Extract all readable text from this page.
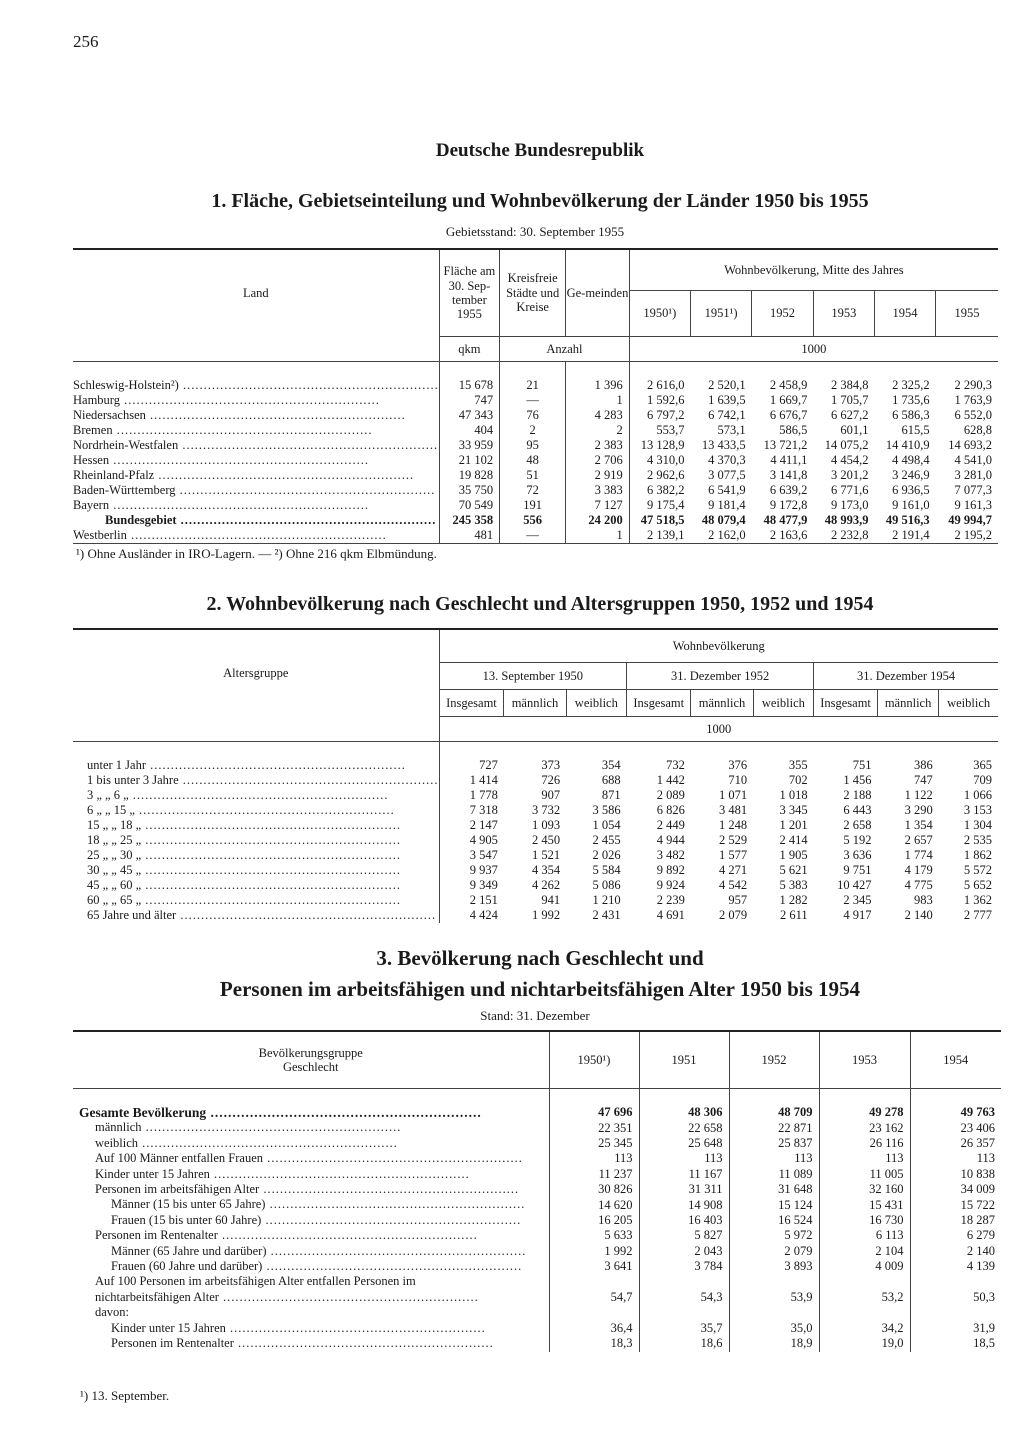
256
Deutsche Bundesrepublik
1. Fläche, Gebietseinteilung und Wohnbevölkerung der Länder 1950 bis 1955
Gebietsstand: 30. September 1955
Land	Fläche am 30. Sep-tember 1955	Kreisfreie Städte und Kreise	Ge-meinden	Wohnbevölkerung, Mitte des Jahres					
				1950¹)	1951¹)	1952	1953	1954	1955
	qkm	Anzahl		1000					

Schleswig-Holstein²) .....	15 678	21	1 396	2 616,0	2 520,1	2 458,9	2 384,8	2 325,2	2 290,3
Hamburg .....	747	—	1	1 592,6	1 639,5	1 669,7	1 705,7	1 735,6	1 763,9
Niedersachsen .....	47 343	76	4 283	6 797,2	6 742,1	6 676,7	6 627,2	6 586,3	6 552,0
Bremen .....	404	2	2	553,7	573,1	586,5	601,1	615,5	628,8
Nordrhein-Westfalen .....	33 959	95	2 383	13 128,9	13 433,5	13 721,2	14 075,2	14 410,9	14 693,2
Hessen .....	21 102	48	2 706	4 310,0	4 370,3	4 411,1	4 454,2	4 498,4	4 541,0
Rheinland-Pfalz .....	19 828	51	2 919	2 962,6	3 077,5	3 141,8	3 201,2	3 246,9	3 281,0
Baden-Württemberg .....	35 750	72	3 383	6 382,2	6 541,9	6 639,2	6 771,6	6 936,5	7 077,3
Bayern .....	70 549	191	7 127	9 175,4	9 181,4	9 172,8	9 173,0	9 161,0	9 161,3
Bundesgebiet .....	245 358	556	24 200	47 518,5	48 079,4	48 477,9	48 993,9	49 516,3	49 994,7
Westberlin .....	481	—	1	2 139,1	2 162,0	2 163,6	2 232,8	2 191,4	2 195,2

¹) Ohne Ausländer in IRO-Lagern. — ²) Ohne 216 qkm Elbmündung.
2. Wohnbevölkerung nach Geschlecht und Altersgruppen 1950, 1952 und 1954
Altersgruppe	Wohnbevölkerung								
	13. September 1950			31. Dezember 1952			31. Dezember 1954		
	Insgesamt	männlich	weiblich	Insgesamt	männlich	weiblich	Insgesamt	männlich	weiblich
	1000								

unter 1 Jahr .....	727	373	354	732	376	355	751	386	365
1 bis unter 3 Jahre .....	1 414	726	688	1 442	710	702	1 456	747	709
3 „ „ 6 „ .....	1 778	907	871	2 089	1 071	1 018	2 188	1 122	1 066
6 „ „ 15 „ .....	7 318	3 732	3 586	6 826	3 481	3 345	6 443	3 290	3 153
15 „ „ 18 „ .....	2 147	1 093	1 054	2 449	1 248	1 201	2 658	1 354	1 304
18 „ „ 25 „ .....	4 905	2 450	2 455	4 944	2 529	2 414	5 192	2 657	2 535
25 „ „ 30 „ .....	3 547	1 521	2 026	3 482	1 577	1 905	3 636	1 774	1 862
30 „ „ 45 „ .....	9 937	4 354	5 584	9 892	4 271	5 621	9 751	4 179	5 572
45 „ „ 60 „ .....	9 349	4 262	5 086	9 924	4 542	5 383	10 427	4 775	5 652
60 „ „ 65 „ .....	2 151	941	1 210	2 239	957	1 282	2 345	983	1 362
65 Jahre und älter .....	4 424	1 992	2 431	4 691	2 079	2 611	4 917	2 140	2 777
3. Bevölkerung nach Geschlecht und
Personen im arbeitsfähigen und nichtarbeitsfähigen Alter 1950 bis 1954
Stand: 31. Dezember
Bevölkerungsgruppe
Geschlecht	1950¹)	1951	1952	1953	1954

Gesamte Bevölkerung .....	47 696	48 306	48 709	49 278	49 763
männlich .....	22 351	22 658	22 871	23 162	23 406
weiblich .....	25 345	25 648	25 837	26 116	26 357
Auf 100 Männer entfallen Frauen .....	113	113	113	113	113
Kinder unter 15 Jahren .....	11 237	11 167	11 089	11 005	10 838
Personen im arbeitsfähigen Alter .....	30 826	31 311	31 648	32 160	34 009
Männer (15 bis unter 65 Jahre) .....	14 620	14 908	15 124	15 431	15 722
Frauen (15 bis unter 60 Jahre) .....	16 205	16 403	16 524	16 730	18 287
Personen im Rentenalter .....	5 633	5 827	5 972	6 113	6 279
Männer (65 Jahre und darüber) .....	1 992	2 043	2 079	2 104	2 140
Frauen (60 Jahre und darüber) .....	3 641	3 784	3 893	4 009	4 139
Auf 100 Personen im arbeitsfähigen Alter entfallen Personen im					
nichtarbeitsfähigen Alter .....	54,7	54,3	53,9	53,2	50,3
davon:					
Kinder unter 15 Jahren .....	36,4	35,7	35,0	34,2	31,9
Personen im Rentenalter .....	18,3	18,6	18,9	19,0	18,5
¹) 13. September.
